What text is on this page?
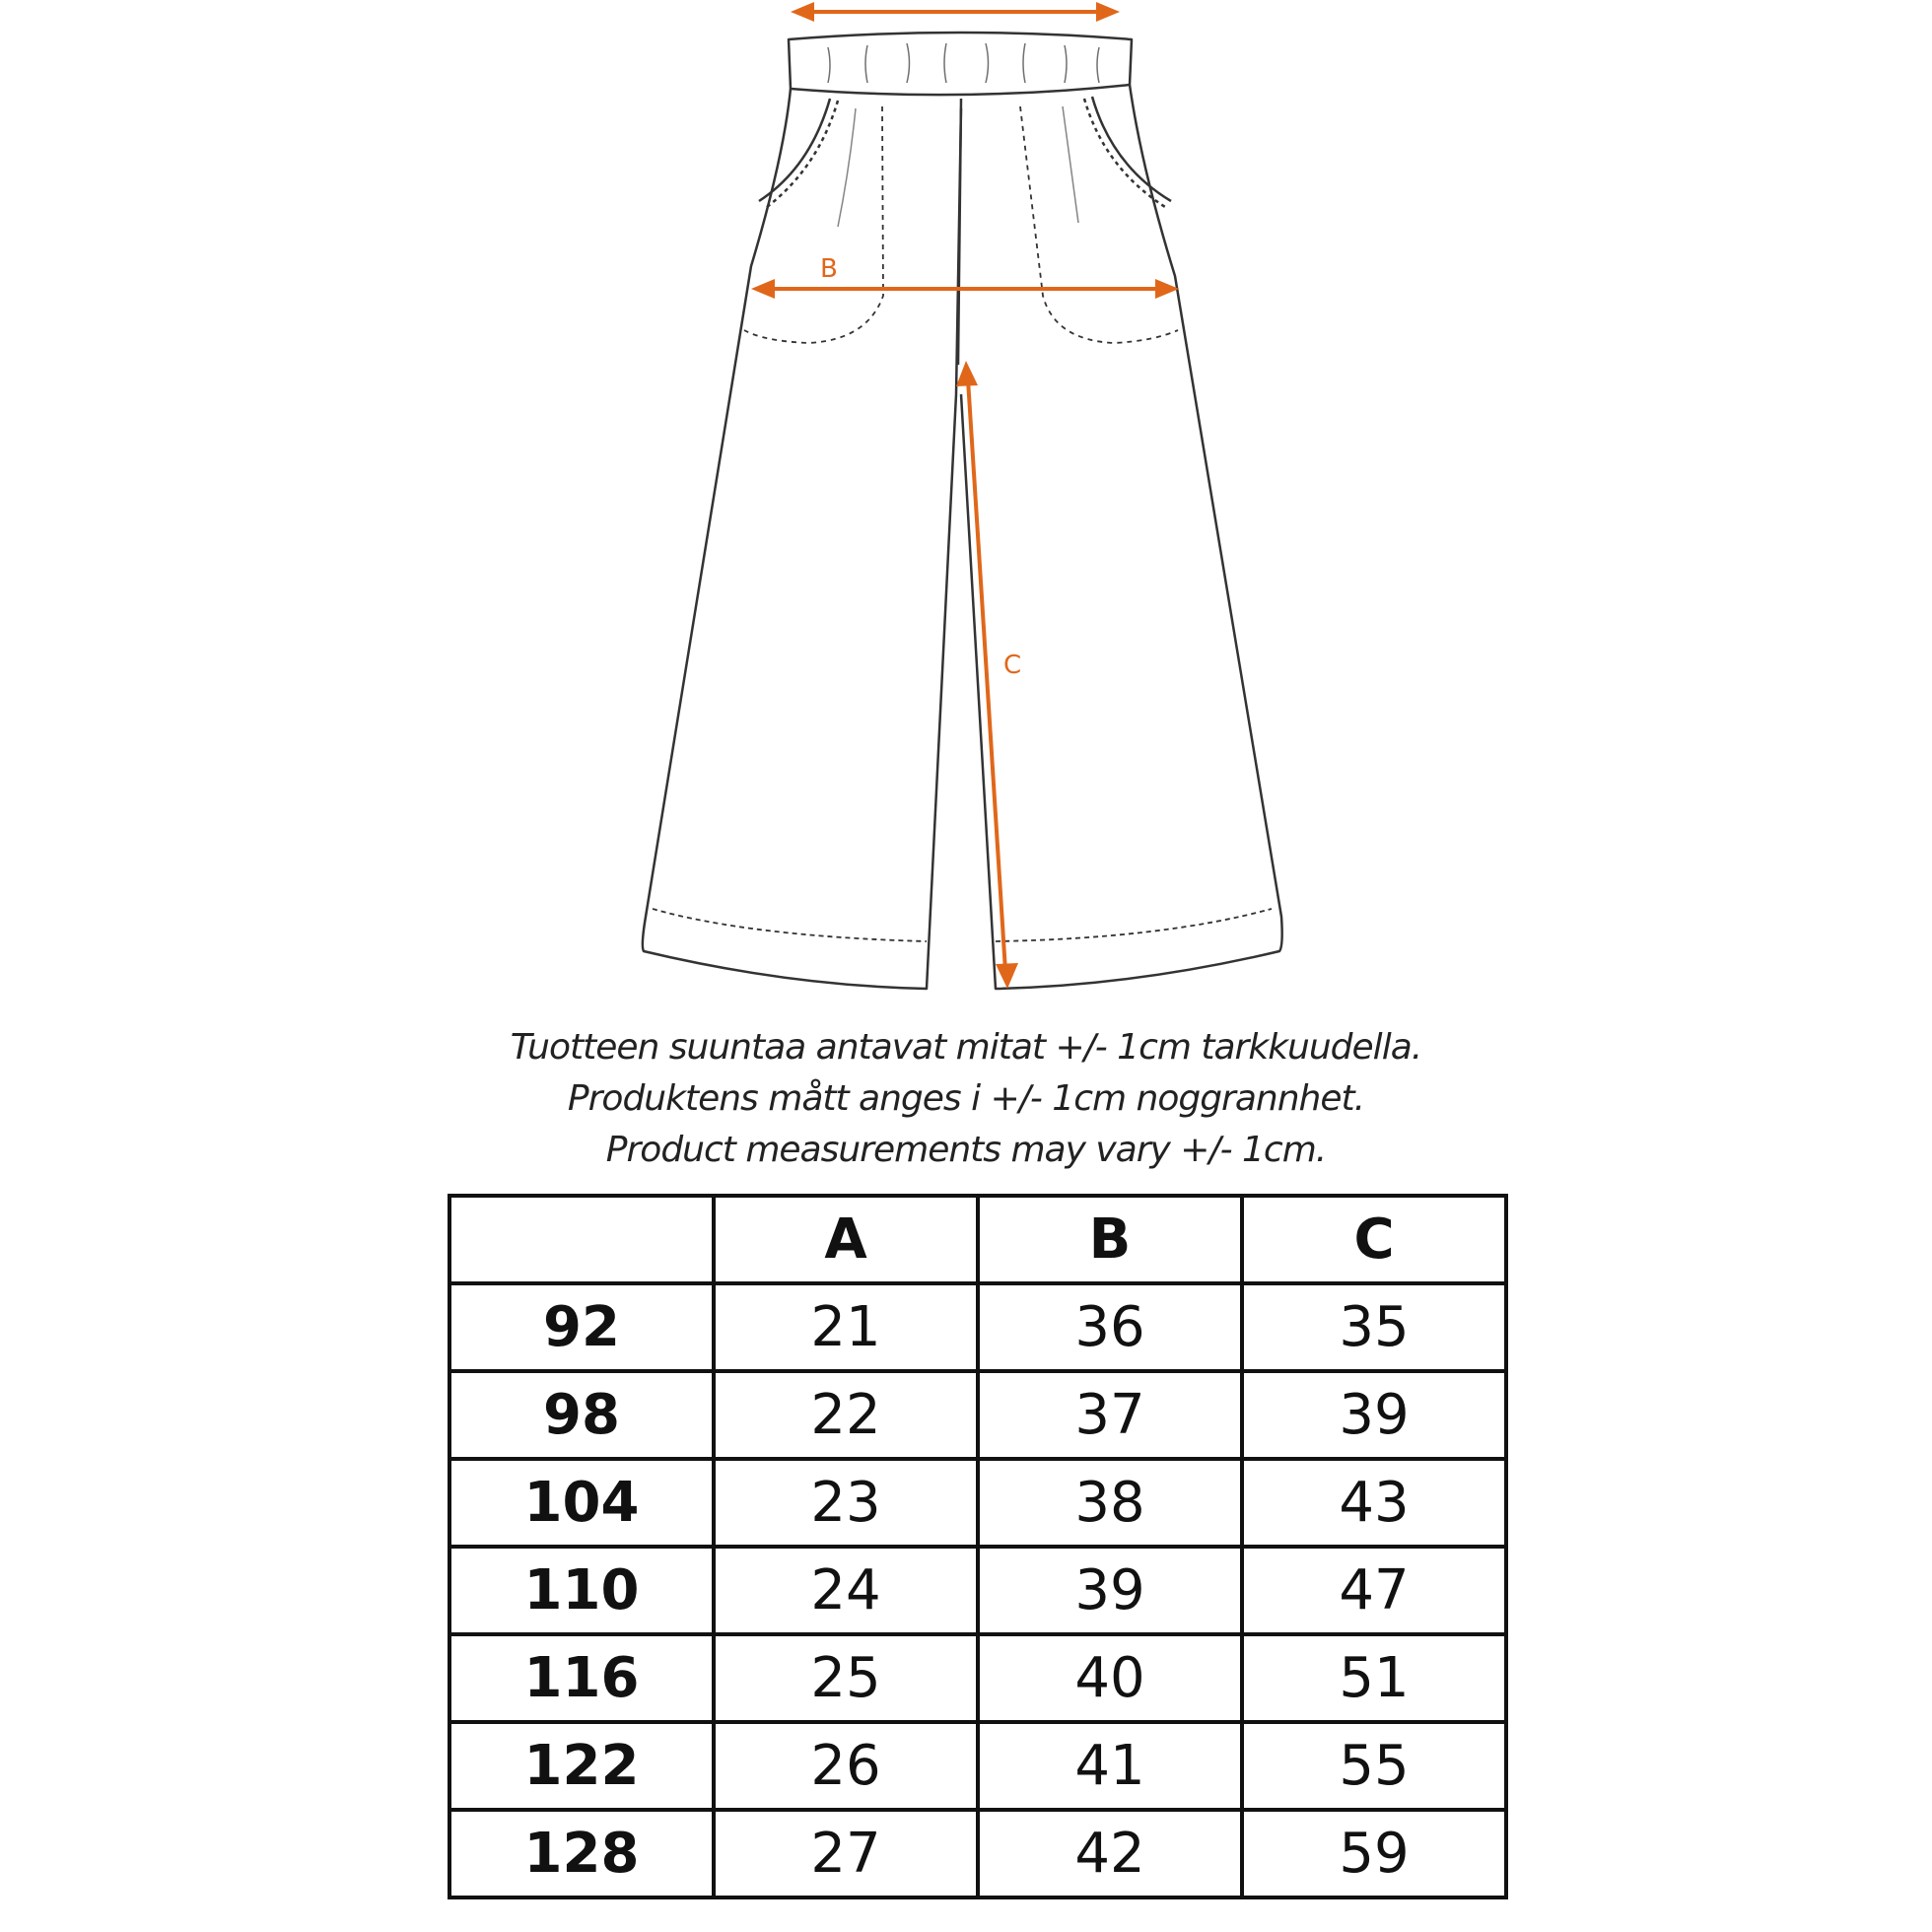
B
C
Tuotteen suuntaa antavat mitat +/- 1cm tarkkuudella.
Produktens mått anges i +/- 1cm noggrannhet.
Product measurements may vary +/- 1cm.
	A	B	C
92	21	36	35
98	22	37	39
104	23	38	43
110	24	39	47
116	25	40	51
122	26	41	55
128	27	42	59
